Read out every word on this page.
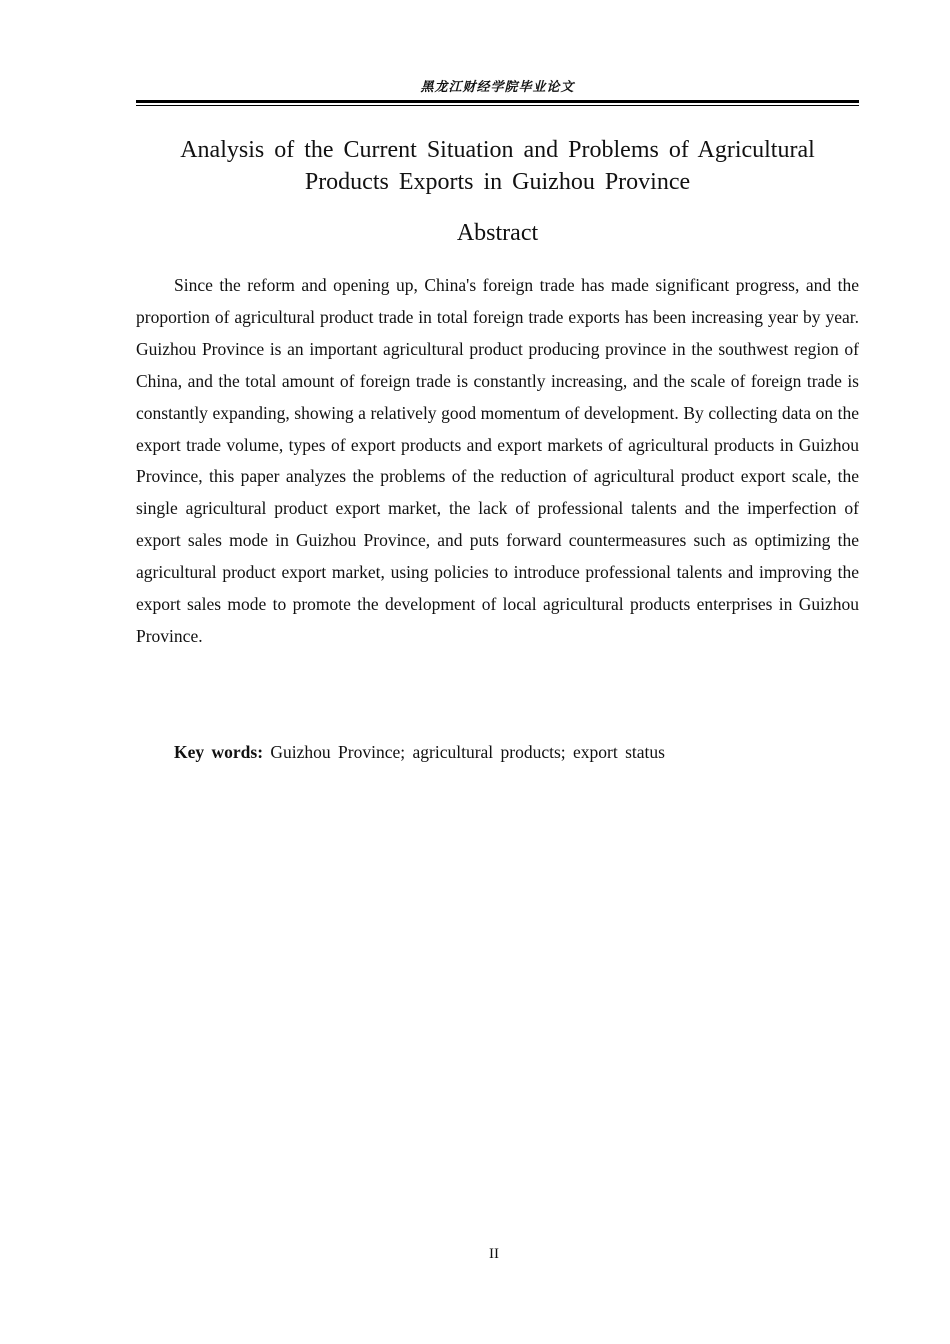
黑龙江财经学院毕业论文
Analysis of the Current Situation and Problems of Agricultural Products Exports in Guizhou Province
Abstract

Since the reform and opening up, China's foreign trade has made significant progress, and the proportion of agricultural product trade in total foreign trade exports has been increasing year by year. Guizhou Province is an important agricultural product producing province in the southwest region of China, and the total amount of foreign trade is constantly increasing, and the scale of foreign trade is constantly expanding, showing a relatively good momentum of development. By collecting data on the export trade volume, types of export products and export markets of agricultural products in Guizhou Province, this paper analyzes the problems of the reduction of agricultural product export scale, the single agricultural product export market, the lack of professional talents and the imperfection of export sales mode in Guizhou Province, and puts forward countermeasures such as optimizing the agricultural product export market, using policies to introduce professional talents and improving the export sales mode to promote the development of local agricultural products enterprises in Guizhou Province.

Key words: Guizhou Province; agricultural products; export status

II
